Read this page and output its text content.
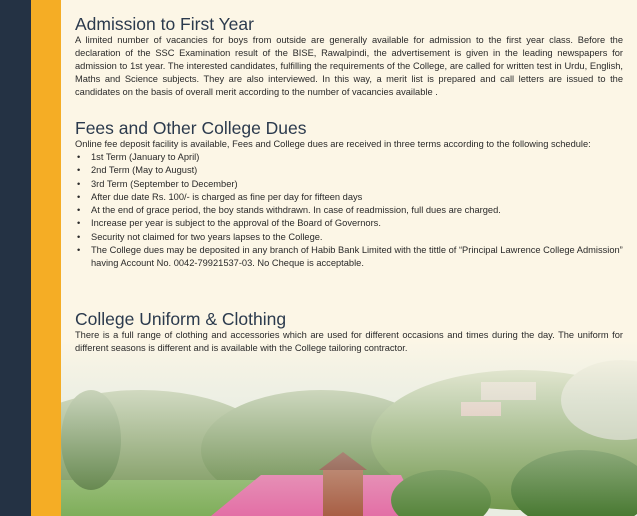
Admission to First Year

A limited number of vacancies for boys from outside are generally available for admission to the first year class. Before the declaration of the SSC Examination result of the BISE, Rawalpindi, the advertisement is given in the leading newspapers for admission to 1st year. The interested candidates, fulfilling the requirements of the College, are called for written test in Urdu, English, Maths and Science subjects. They are also interviewed. In this way, a merit list is prepared and call letters are issued to the candidates on the basis of overall merit according to the number of vacancies available .

Fees and Other College Dues

Online fee deposit facility is available, Fees and College dues are received in three terms according to the following schedule:

• 1st Term (January to April)
• 2nd Term (May to August)
• 3rd Term (September to December)
• After due date Rs. 100/- is charged as fine per day for fifteen days
• At the end of grace period, the boy stands withdrawn. In case of readmission, full dues are charged.
• Increase per year is subject to the approval of the Board of Governors.
• Security not claimed for two years lapses to the College.
• The College dues may be deposited in any branch of Habib Bank Limited with the tittle of “Principal Lawrence College Admission” having Account No. 0042-79921537-03. No Cheque is acceptable.
College Uniform & Clothing

There is a full range of clothing and accessories which are used for different occasions and times during the day. The uniform for different seasons is different and is available with the College tailoring contractor.
